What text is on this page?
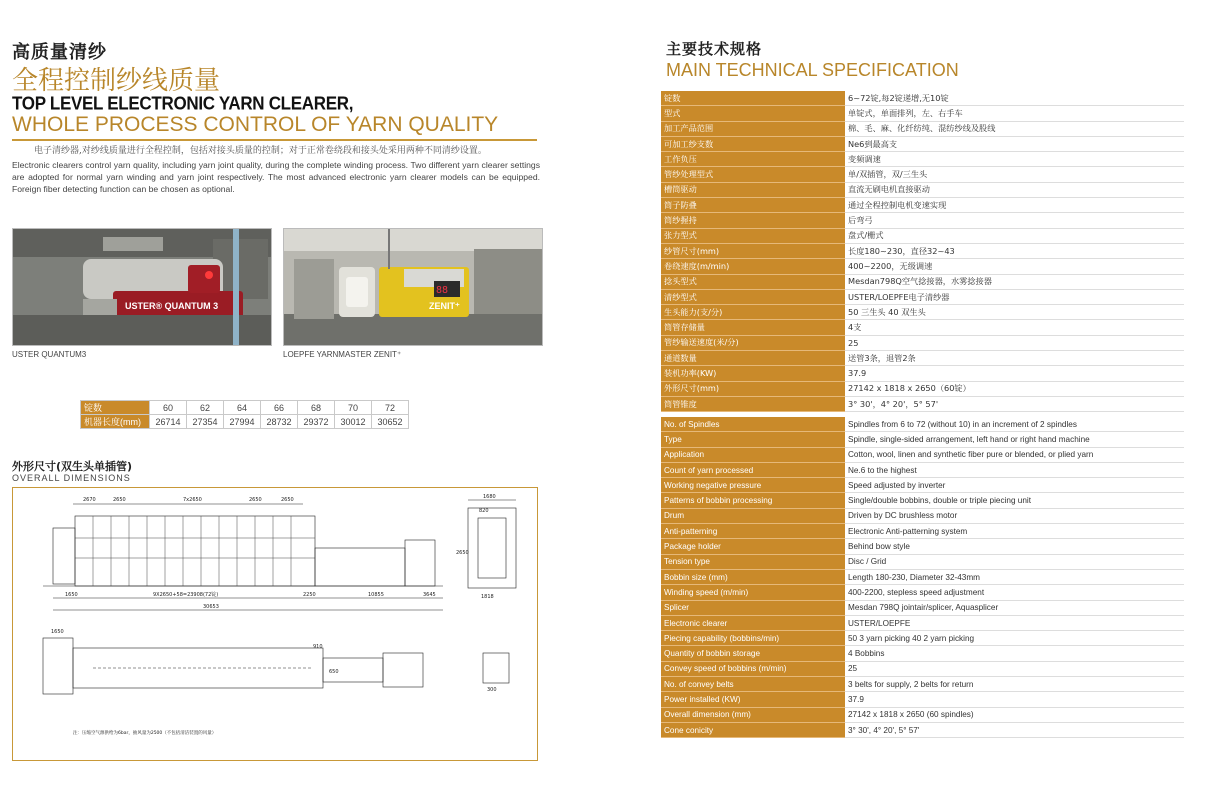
高质量清纱
全程控制纱线质量
TOP LEVEL ELECTRONIC YARN CLEARER,
WHOLE PROCESS CONTROL OF YARN QUALITY
电子清纱器,对纱线质量进行全程控制，包括对接头质量的控制；对于正常卷绕段和接头处采用两种不同清纱设置。
Electronic clearers control yarn quality, including yarn joint quality, during the complete winding process. Two different yarn clearer settings are adopted for normal yarn winding and yarn joint respectively. The most advanced electronic yarn clearer models can be equipped. Foreign fiber detecting function can be chosen as optional.
USTER® QUANTUM 3
88
ZENIT⁺
USTER QUANTUM3	LOEPFE YARNMASTER ZENIT⁺
锭数	60	62	64	66	68	70	72
机器长度(mm)	26714	27354	27994	28732	29372	30012	30652
外形尺寸(双生头单插管)
OVERALL DIMENSIONS
2670	2650	7x2650	2650	2650
1650	9X2650+58=23908(72锭)	2250	10855	3645
30653
1680
820
2650
1818
1650
910
650
300
注：压缩空气源供给为6bar，抽风量为2500（不包括清洁装置的风量）
主要技术规格
MAIN TECHNICAL SPECIFICATION
锭数	6~72锭,每2锭递增,无10锭
型式	单锭式，单面排列，左、右手车
加工产品范围	棉、毛、麻、化纤纺纯、混纺纱线及股线
可加工纱支数	Ne6到最高支
工作负压	变频调速
管纱处理型式	单/双插管，双/三生头
槽筒驱动	直流无刷电机直接驱动
筒子防叠	通过全程控制电机变速实现
筒纱握持	后弯弓
张力型式	盘式/栅式
纱管尺寸(mm)	长度180~230，直径32~43
卷绕速度(m/min)	400~2200，无级调速
捻头型式	Mesdan798Q空气捻接器，水雾捻接器
清纱型式	USTER/LOEPFE电子清纱器
生头能力(支/分)	50 三生头 40 双生头
筒管存储量	4支
管纱输送速度(米/分)	25
通道数量	送管3条，退管2条
装机功率(KW)	37.9
外形尺寸(mm)	27142 x 1818 x 2650（60锭）
筒管锥度	3° 30'，4° 20'，5° 57'
No. of Spindles	Spindles from 6 to 72 (without 10) in an increment of 2 spindles
Type	Spindle, single-sided arrangement, left hand or right hand machine
Application	Cotton, wool, linen and synthetic fiber pure or blended, or plied yarn
Count of yarn processed	Ne.6 to the highest
Working negative pressure	Speed adjusted by inverter
Patterns of bobbin processing	Single/double bobbins, double or triple piecing unit
Drum	Driven by DC brushless motor
Anti-patterning	Electronic Anti-patterning system
Package holder	Behind bow style
Tension type	Disc / Grid
Bobbin size (mm)	Length 180-230, Diameter 32-43mm
Winding speed (m/min)	400-2200, stepless speed adjustment
Splicer	Mesdan 798Q jointair/splicer, Aquasplicer
Electronic clearer	USTER/LOEPFE
Piecing capability (bobbins/min)	50 3 yarn picking 40 2 yarn picking
Quantity of bobbin storage	4 Bobbins
Convey speed of bobbins (m/min)	25
No. of convey belts	3 belts for supply, 2 belts for return
Power installed (KW)	37.9
Overall dimension (mm)	27142 x 1818 x 2650 (60 spindles)
Cone conicity	3° 30', 4° 20', 5° 57'
